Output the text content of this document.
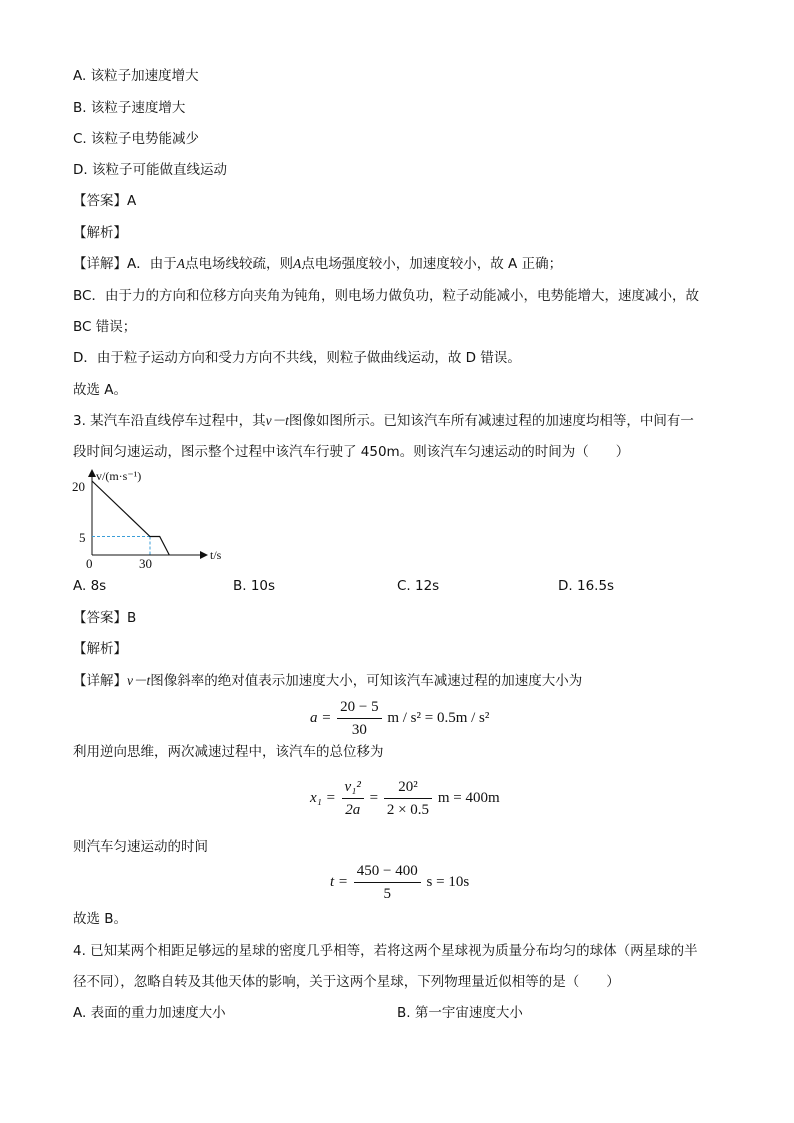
A. 该粒子加速度增大
B. 该粒子速度增大
C. 该粒子电势能减少
D. 该粒子可能做直线运动
【答案】A
【解析】
【详解】A．由于A点电场线较疏，则A点电场强度较小，加速度较小，故 A 正确；
BC．由于力的方向和位移方向夹角为钝角，则电场力做负功，粒子动能减小，电势能增大，速度减小，故
BC 错误；
D．由于粒子运动方向和受力方向不共线，则粒子做曲线运动，故 D 错误。
故选 A。
3. 某汽车沿直线停车过程中，其v－t图像如图所示。已知该汽车所有减速过程的加速度均相等，中间有一
段时间匀速运动，图示整个过程中该汽车行驶了 450m。则该汽车匀速运动的时间为（　　）
v/(m·s⁻¹)
t/s
20
5
0	30
A. 8s	B. 10s	C. 12s	D. 16.5s
【答案】B
【解析】
【详解】v－t图像斜率的绝对值表示加速度大小，可知该汽车减速过程的加速度大小为
$a = \frac{20 - 5}{30}$ m / s² = 0.5m / s²
利用逆向思维，两次减速过程中，该汽车的总位移为
$x_1 = \frac{\text{v₁²}}{2a} = \frac{\text{20²}}{2 \times 0.5}$ m = 400m
则汽车匀速运动的时间
$t = \frac{450 - 400}{5}$ s = 10s
故选 B。
4. 已知某两个相距足够远的星球的密度几乎相等，若将这两个星球视为质量分布均匀的球体（两星球的半
径不同），忽略自转及其他天体的影响，关于这两个星球，下列物理量近似相等的是（　　）
A. 表面的重力加速度大小	B. 第一宇宙速度大小
